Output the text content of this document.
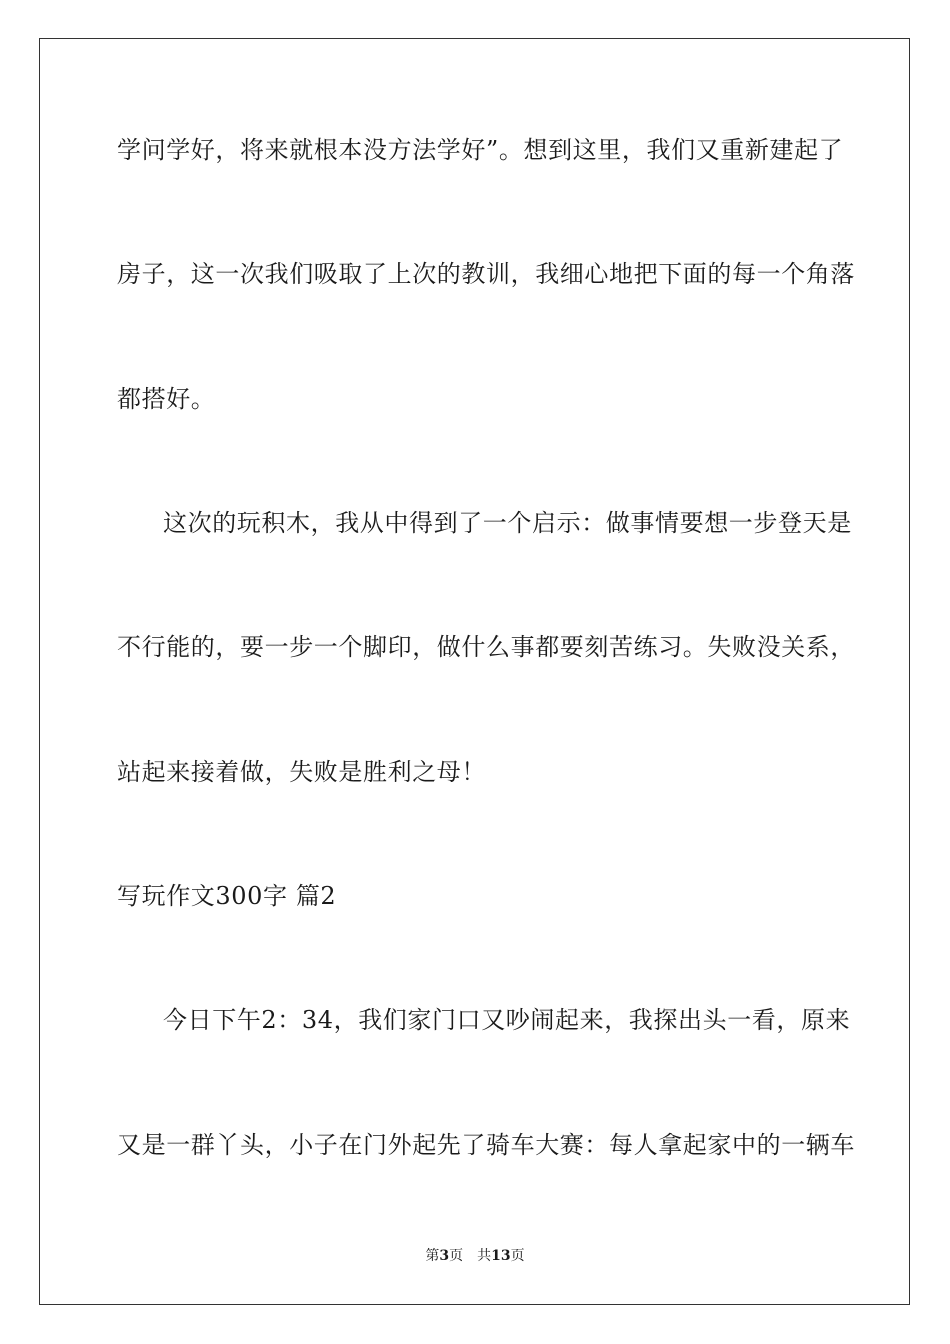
学问学好，将来就根本没方法学好”。想到这里，我们又重新建起了
房子，这一次我们吸取了上次的教训，我细心地把下面的每一个角落
都搭好。
这次的玩积木，我从中得到了一个启示：做事情要想一步登天是
不行能的，要一步一个脚印，做什么事都要刻苦练习。失败没关系，
站起来接着做，失败是胜利之母！
写玩作文300字 篇2
今日下午2：34，我们家门口又吵闹起来，我探出头一看，原来
又是一群丫头，小子在门外起先了骑车大赛：每人拿起家中的一辆车
第3页 共13页
